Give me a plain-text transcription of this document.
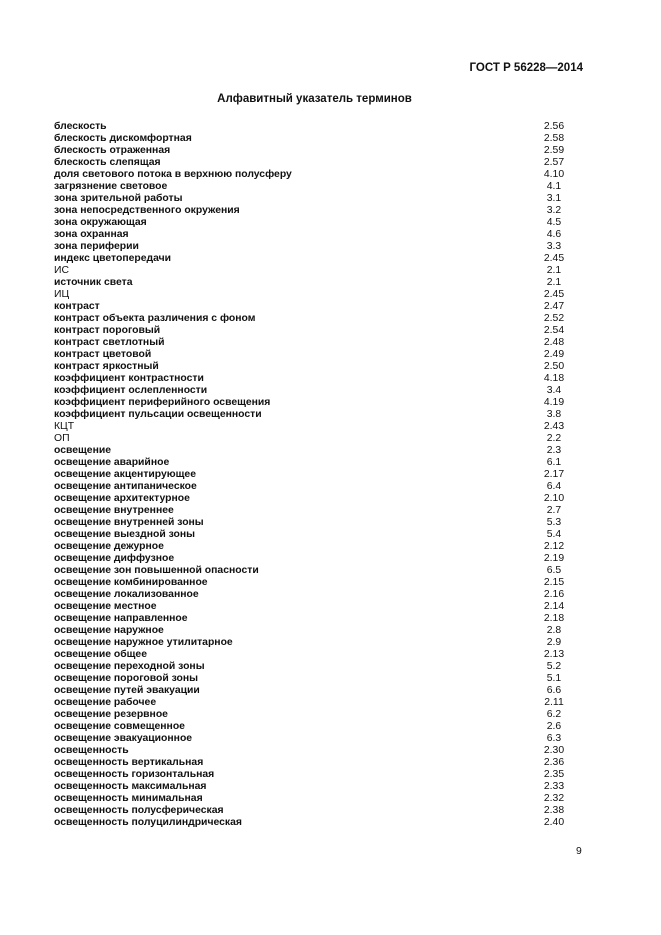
ГОСТ Р 56228—2014
Алфавитный указатель терминов
блескость	2.56
блескость дискомфортная	2.58
блескость отраженная	2.59
блескость слепящая	2.57
доля светового потока в верхнюю полусферу	4.10
загрязнение световое	4.1
зона зрительной работы	3.1
зона непосредственного окружения	3.2
зона окружающая	4.5
зона охранная	4.6
зона периферии	3.3
индекс цветопередачи	2.45
ИС	2.1
источник света	2.1
ИЦ	2.45
контраст	2.47
контраст объекта различения с фоном	2.52
контраст пороговый	2.54
контраст светлотный	2.48
контраст цветовой	2.49
контраст яркостный	2.50
коэффициент контрастности	4.18
коэффициент ослепленности	3.4
коэффициент периферийного освещения	4.19
коэффициент пульсации освещенности	3.8
КЦТ	2.43
ОП	2.2
освещение	2.3
освещение аварийное	6.1
освещение акцентирующее	2.17
освещение антипаническое	6.4
освещение архитектурное	2.10
освещение внутреннее	2.7
освещение внутренней зоны	5.3
освещение выездной зоны	5.4
освещение дежурное	2.12
освещение диффузное	2.19
освещение зон повышенной опасности	6.5
освещение комбинированное	2.15
освещение локализованное	2.16
освещение местное	2.14
освещение направленное	2.18
освещение наружное	2.8
освещение наружное утилитарное	2.9
освещение общее	2.13
освещение переходной зоны	5.2
освещение пороговой зоны	5.1
освещение путей эвакуации	6.6
освещение рабочее	2.11
освещение резервное	6.2
освещение совмещенное	2.6
освещение эвакуационное	6.3
освещенность	2.30
освещенность вертикальная	2.36
освещенность горизонтальная	2.35
освещенность максимальная	2.33
освещенность минимальная	2.32
освещенность полусферическая	2.38
освещенность полуцилиндрическая	2.40
9
